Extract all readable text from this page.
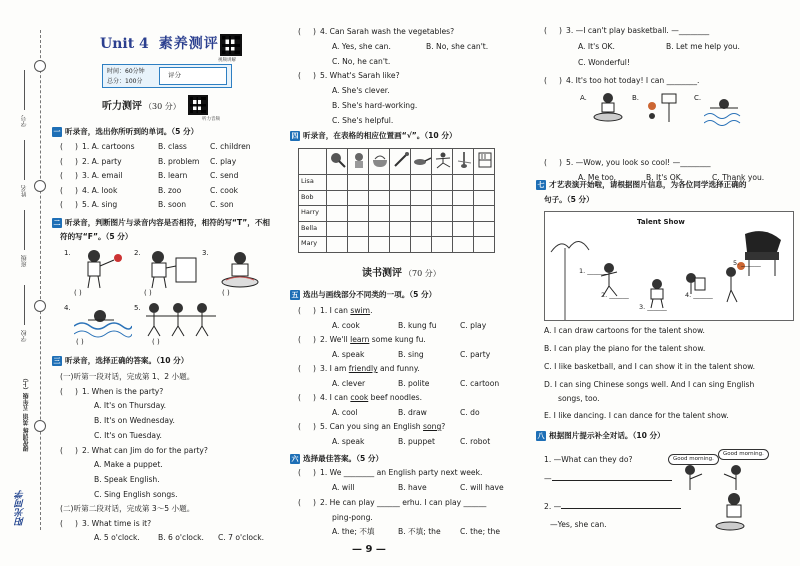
学号
姓名
班级
学校
提优训练 英语 五年级（上）
阳光同学
Unit 4 素养测评
视频讲解
时间：60分钟
总分：100分
评分
听力测评 （30 分）
听力音频
一 听录音，选出你所听到的单词。（5 分）
(     ) 1. A. cartoons	B. class	C. children
(     ) 2. A. party	B. problem C. play
(     ) 3. A. email	B. learn	C. send
(     ) 4. A. look	B. zoo	C. cook
(     ) 5. A. sing	B. soon	C. son
二 听录音，判断图片与录音内容是否相符，相符的写“T”，不相
符的写“F”。（5 分）
1.
( )
2.
( )
3.
( )
4.
( )
5.
( )
三 听录音，选择正确的答案。（10 分）
(一)听第一段对话，完成第 1、2 小题。
(     ) 1. When is the party?
A. It's on Thursday.
B. It's on Wednesday.
C. It's on Tuesday.
(     ) 2. What can Jim do for the party?
A. Make a puppet.
B. Speak English.
C. Sing English songs.
(二)听第二段对话，完成第 3～5 小题。
(     ) 3. What time is it?
A. 5 o'clock. B. 6 o'clock. C. 7 o'clock.
(     ) 4. Can Sarah wash the vegetables?
A. Yes, she can.	B. No, she can't.
C. No, he can't.
(     ) 5. What's Sarah like?
A. She's clever.
B. She's hard-working.
C. She's helpful.
四 听录音，在表格的相应位置画“√”。（10 分）

Lisa								
Bob								
Harry								
Bella								
Mary								
读书测评 （70 分）
五 选出与画线部分不同类的一项。（5 分）
(     ) 1. I can swim.
A. cook	B. kung fu	C. play
(     ) 2. We'll learn some kung fu.
A. speak	B. sing	C. party
(     ) 3. I am friendly and funny.
A. clever	B. polite	C. cartoon
(     ) 4. I can cook beef noodles.
A. cool	B. draw	C. do
(     ) 5. Can you sing an English song?
A. speak	B. puppet	C. robot
六 选择最佳答案。（5 分）
(     ) 1. We ________ an English party next week.
A. will	B. have	C. will have
(     ) 2. He can play ______ erhu. I can play ______
ping-pong.
A. the; 不填	B. 不填; the	C. the; the
— 9 —
(     ) 3. —I can't play basketball. —________
A. It's OK.	B. Let me help you.
C. Wonderful!
(     ) 4. It's too hot today! I can ________.
A.	B.	C.
(     ) 5. —Wow, you look so cool! —________
A. Me too.	B. It's OK.	C. Thank you.
七 才艺表演开始啦，请根据图片信息，为各位同学选择正确的
句子。（5 分）
Talent Show
1. ______
2. ______
3. ______
4. ______
5. ______
A. I can draw cartoons for the talent show.
B. I can play the piano for the talent show.
C. I like basketball, and I can show it in the talent show.
D. I can sing Chinese songs well. And I can sing English
songs, too.
E. I like dancing. I can dance for the talent show.
八 根据图片提示补全对话。（10 分）
1. —What can they do?
—
Good morning.
Good morning.
2. —
—Yes, she can.
